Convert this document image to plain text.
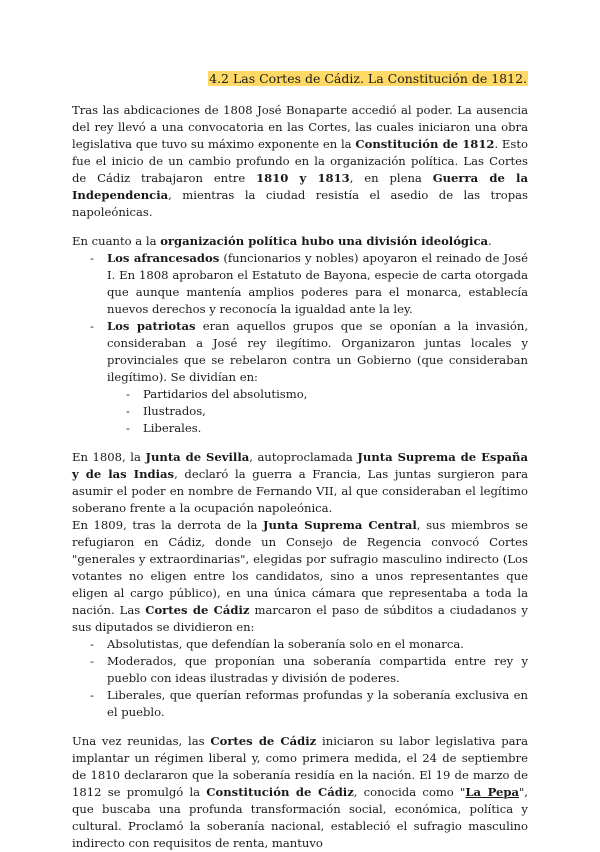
4.2 Las Cortes de Cádiz. La Constitución de 1812.

Tras las abdicaciones de 1808 José Bonaparte accedió al poder. La ausencia del rey llevó a una convocatoria en las Cortes, las cuales iniciaron una obra legislativa que tuvo su máximo exponente en la Constitución de 1812. Esto fue el inicio de un cambio profundo en la organización política. Las Cortes de Cádiz trabajaron entre 1810 y 1813, en plena Guerra de la Independencia, mientras la ciudad resistía el asedio de las tropas napoleónicas.

En cuanto a la organización política hubo una división ideológica.

- Los afrancesados (funcionarios y nobles) apoyaron el reinado de José I. En 1808 aprobaron el Estatuto de Bayona, especie de carta otorgada que aunque mantenía amplios poderes para el monarca, establecía nuevos derechos y reconocía la igualdad ante la ley.
- Los patriotas eran aquellos grupos que se oponían a la invasión, consideraban a José rey ilegítimo. Organizaron juntas locales y provinciales que se rebelaron contra un Gobierno (que consideraban ilegítimo). Se dividían en:
- Partidarios del absolutismo,
- Ilustrados,
- Liberales.

En 1808, la Junta de Sevilla, autoproclamada Junta Suprema de España y de las Indias, declaró la guerra a Francia, Las juntas surgieron para asumir el poder en nombre de Fernando VII, al que consideraban el legítimo soberano frente a la ocupación napoleónica.

En 1809, tras la derrota de la Junta Suprema Central, sus miembros se refugiaron en Cádiz, donde un Consejo de Regencia convocó Cortes "generales y extraordinarias", elegidas por sufragio masculino indirecto (Los votantes no eligen entre los candidatos, sino a unos representantes que eligen al cargo público), en una única cámara que representaba a toda la nación. Las Cortes de Cádiz marcaron el paso de súbditos a ciudadanos y sus diputados se dividieron en:

- Absolutistas, que defendían la soberanía solo en el monarca.
- Moderados, que proponían una soberanía compartida entre rey y pueblo con ideas ilustradas y división de poderes.
- Liberales, que querían reformas profundas y la soberanía exclusiva en el pueblo.

Una vez reunidas, las Cortes de Cádiz iniciaron su labor legislativa para implantar un régimen liberal y, como primera medida, el 24 de septiembre de 1810 declararon que la soberanía residía en la nación. El 19 de marzo de 1812 se promulgó la Constitución de Cádiz, conocida como "La Pepa", que buscaba una profunda transformación social, económica, política y cultural. Proclamó la soberanía nacional, estableció el sufragio masculino indirecto con requisitos de renta, mantuvo
